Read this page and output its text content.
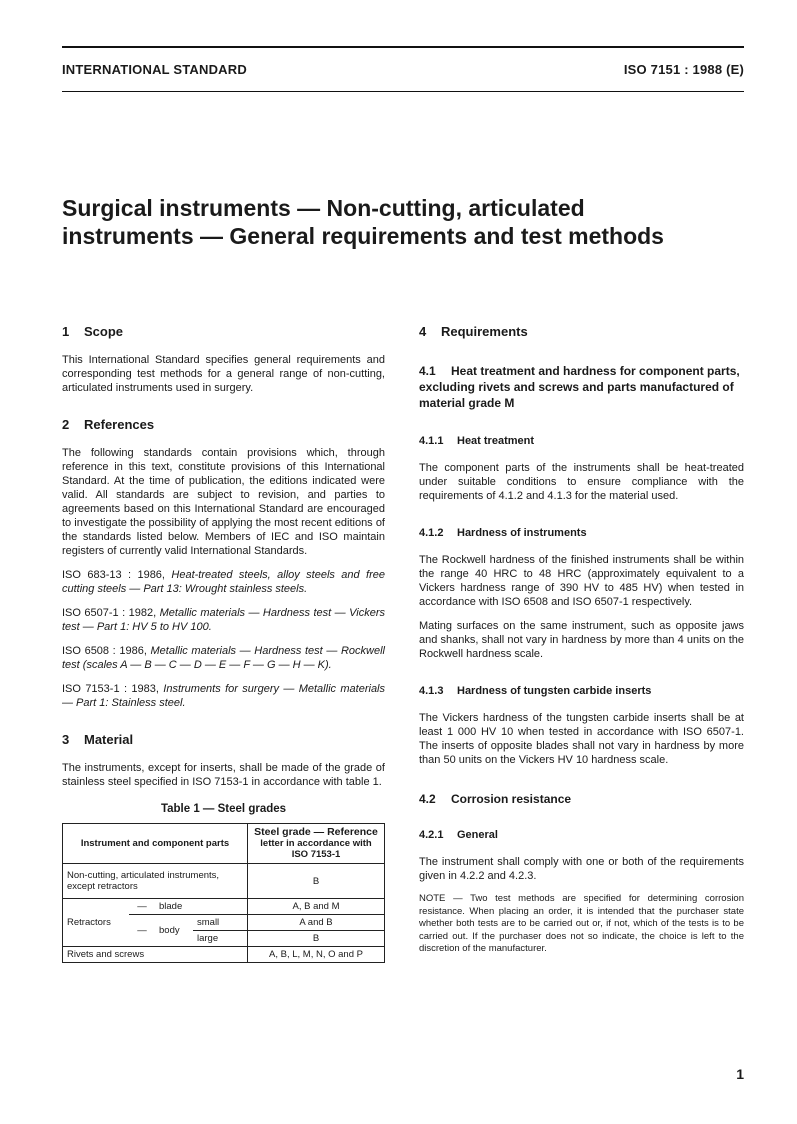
INTERNATIONAL STANDARD	ISO 7151 : 1988 (E)
Surgical instruments — Non-cutting, articulated instruments — General requirements and test methods
1 Scope

This International Standard specifies general requirements and corresponding test methods for a general range of non-cutting, articulated instruments used in surgery.

2 References

The following standards contain provisions which, through reference in this text, constitute provisions of this International Standard. At the time of publication, the editions indicated were valid. All standards are subject to revision, and parties to agreements based on this International Standard are encouraged to investigate the possibility of applying the most recent editions of the standards listed below. Members of IEC and ISO maintain registers of currently valid International Standards.

ISO 683-13 : 1986, Heat-treated steels, alloy steels and free cutting steels — Part 13: Wrought stainless steels.

ISO 6507-1 : 1982, Metallic materials — Hardness test — Vickers test — Part 1: HV 5 to HV 100.

ISO 6508 : 1986, Metallic materials — Hardness test — Rockwell test (scales A — B — C — D — E — F — G — H — K).

ISO 7153-1 : 1983, Instruments for surgery — Metallic materials — Part 1: Stainless steel.

3 Material

The instruments, except for inserts, shall be made of the grade of stainless steel specified in ISO 7153-1 in accordance with table 1.

Table 1 — Steel grades
Instrument and component parts				Steel grade — Reference
letter in accordance with ISO 7153-1

Non-cutting, articulated instruments, except retractors				B
Retractors	—	blade		A, B and M
	—	body	small	A and B
			large	B
Rivets and screws				A, B, L, M, N, O and P
4 Requirements
4.1 Heat treatment and hardness for component parts, excluding rivets and screws and parts manufactured of material grade M
4.1.1 Heat treatment

The component parts of the instruments shall be heat-treated under suitable conditions to ensure compliance with the requirements of 4.1.2 and 4.1.3 for the material used.

4.1.2 Hardness of instruments

The Rockwell hardness of the finished instruments shall be within the range 40 HRC to 48 HRC (approximately equivalent to a Vickers hardness range of 390 HV to 485 HV) when tested in accordance with ISO 6508 and ISO 6507-1 respectively.

Mating surfaces on the same instrument, such as opposite jaws and shanks, shall not vary in hardness by more than 4 units on the Rockwell hardness scale.

4.1.3 Hardness of tungsten carbide inserts

The Vickers hardness of the tungsten carbide inserts shall be at least 1 000 HV 10 when tested in accordance with ISO 6507-1. The inserts of opposite blades shall not vary in hardness by more than 50 units on the Vickers HV 10 hardness scale.

4.2 Corrosion resistance
4.2.1 General

The instrument shall comply with one or both of the requirements given in 4.2.2 and 4.2.3.

NOTE — Two test methods are specified for determining corrosion resistance. When placing an order, it is intended that the purchaser state whether both tests are to be carried out or, if not, which of the tests is to be carried out. If the purchaser does not so indicate, the choice is left to the discretion of the manufacturer.

1
